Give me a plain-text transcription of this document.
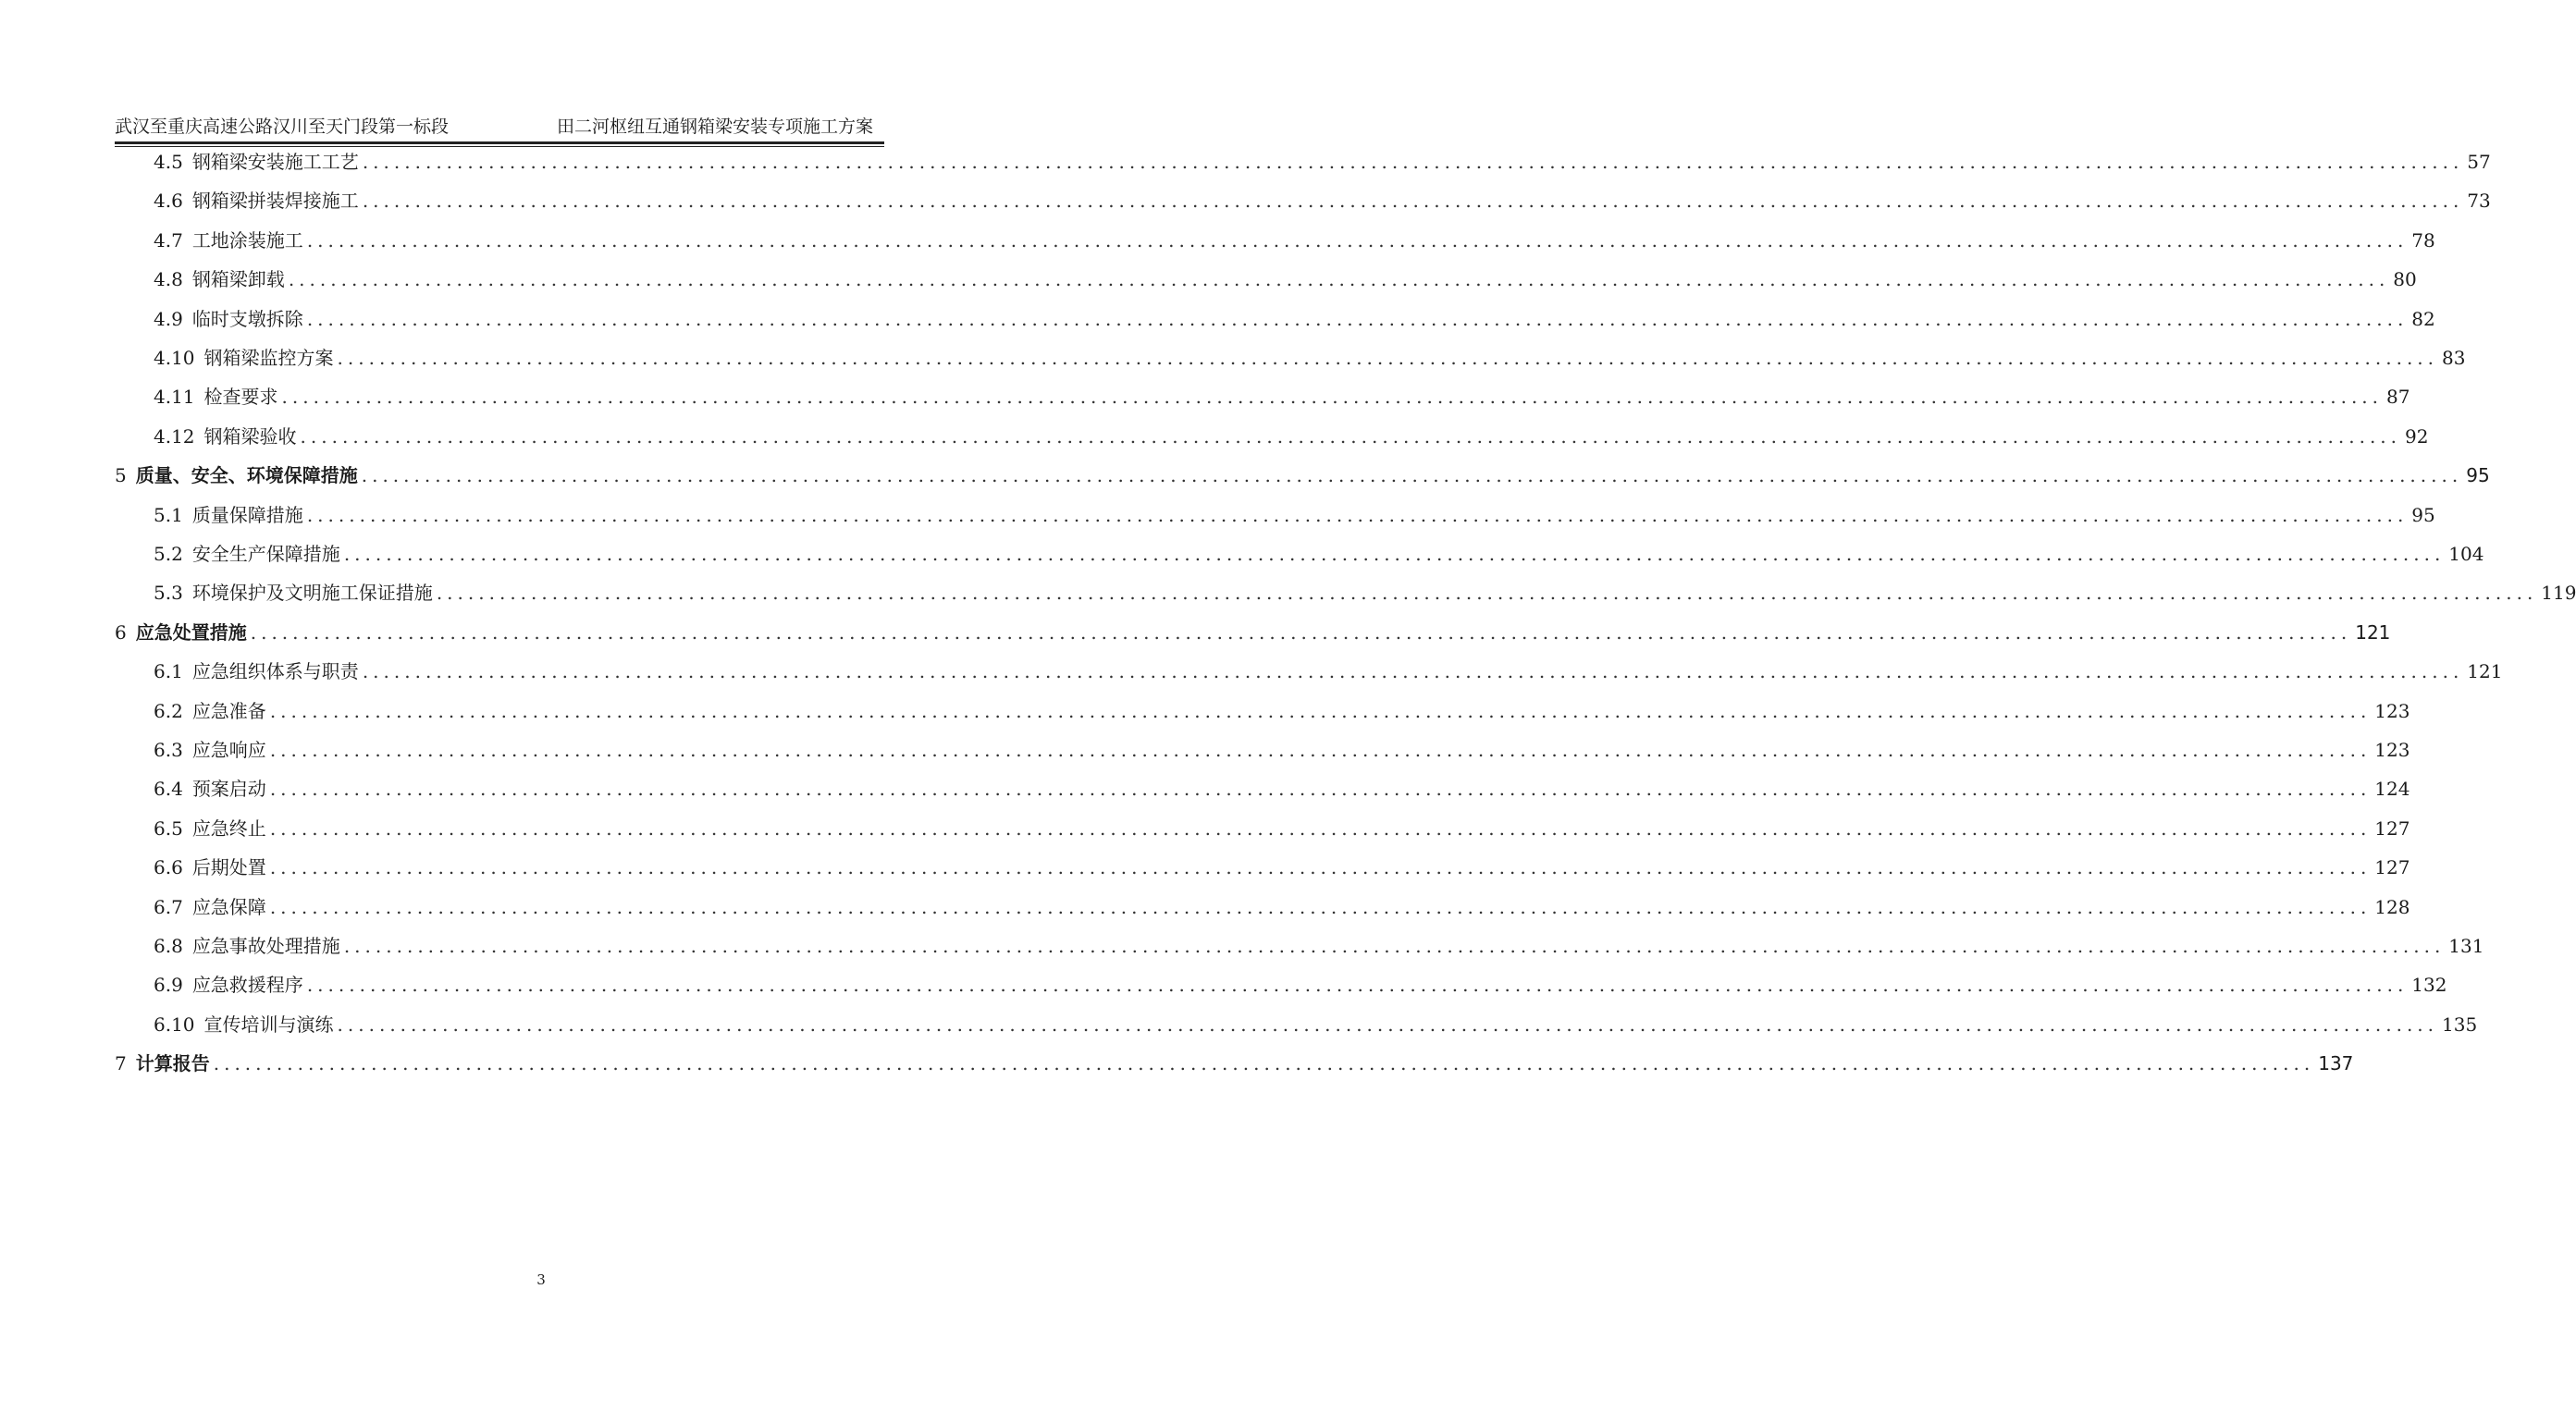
武汉至重庆高速公路汉川至天门段第一标段	田二河枢纽互通钢箱梁安装专项施工方案
4.5 钢箱梁安装施工工艺 ........................................................................................................................................................................................................ 57
4.6 钢箱梁拼装焊接施工 ........................................................................................................................................................................................................ 73
4.7 工地涂装施工 ........................................................................................................................................................................................................ 78
4.8 钢箱梁卸载 ........................................................................................................................................................................................................ 80
4.9 临时支墩拆除 ........................................................................................................................................................................................................ 82
4.10 钢箱梁监控方案 ........................................................................................................................................................................................................ 83
4.11 检查要求 ........................................................................................................................................................................................................ 87
4.12 钢箱梁验收 ........................................................................................................................................................................................................ 92
5 质量、安全、环境保障措施 ........................................................................................................................................................................................................ 95
5.1 质量保障措施 ........................................................................................................................................................................................................ 95
5.2 安全生产保障措施 ........................................................................................................................................................................................................ 104
5.3 环境保护及文明施工保证措施 ........................................................................................................................................................................................................ 119
6 应急处置措施 ........................................................................................................................................................................................................ 121
6.1 应急组织体系与职责 ........................................................................................................................................................................................................ 121
6.2 应急准备 ........................................................................................................................................................................................................ 123
6.3 应急响应 ........................................................................................................................................................................................................ 123
6.4 预案启动 ........................................................................................................................................................................................................ 124
6.5 应急终止 ........................................................................................................................................................................................................ 127
6.6 后期处置 ........................................................................................................................................................................................................ 127
6.7 应急保障 ........................................................................................................................................................................................................ 128
6.8 应急事故处理措施 ........................................................................................................................................................................................................ 131
6.9 应急救援程序 ........................................................................................................................................................................................................ 132
6.10 宣传培训与演练 ........................................................................................................................................................................................................ 135
7 计算报告 ........................................................................................................................................................................................................ 137
3
